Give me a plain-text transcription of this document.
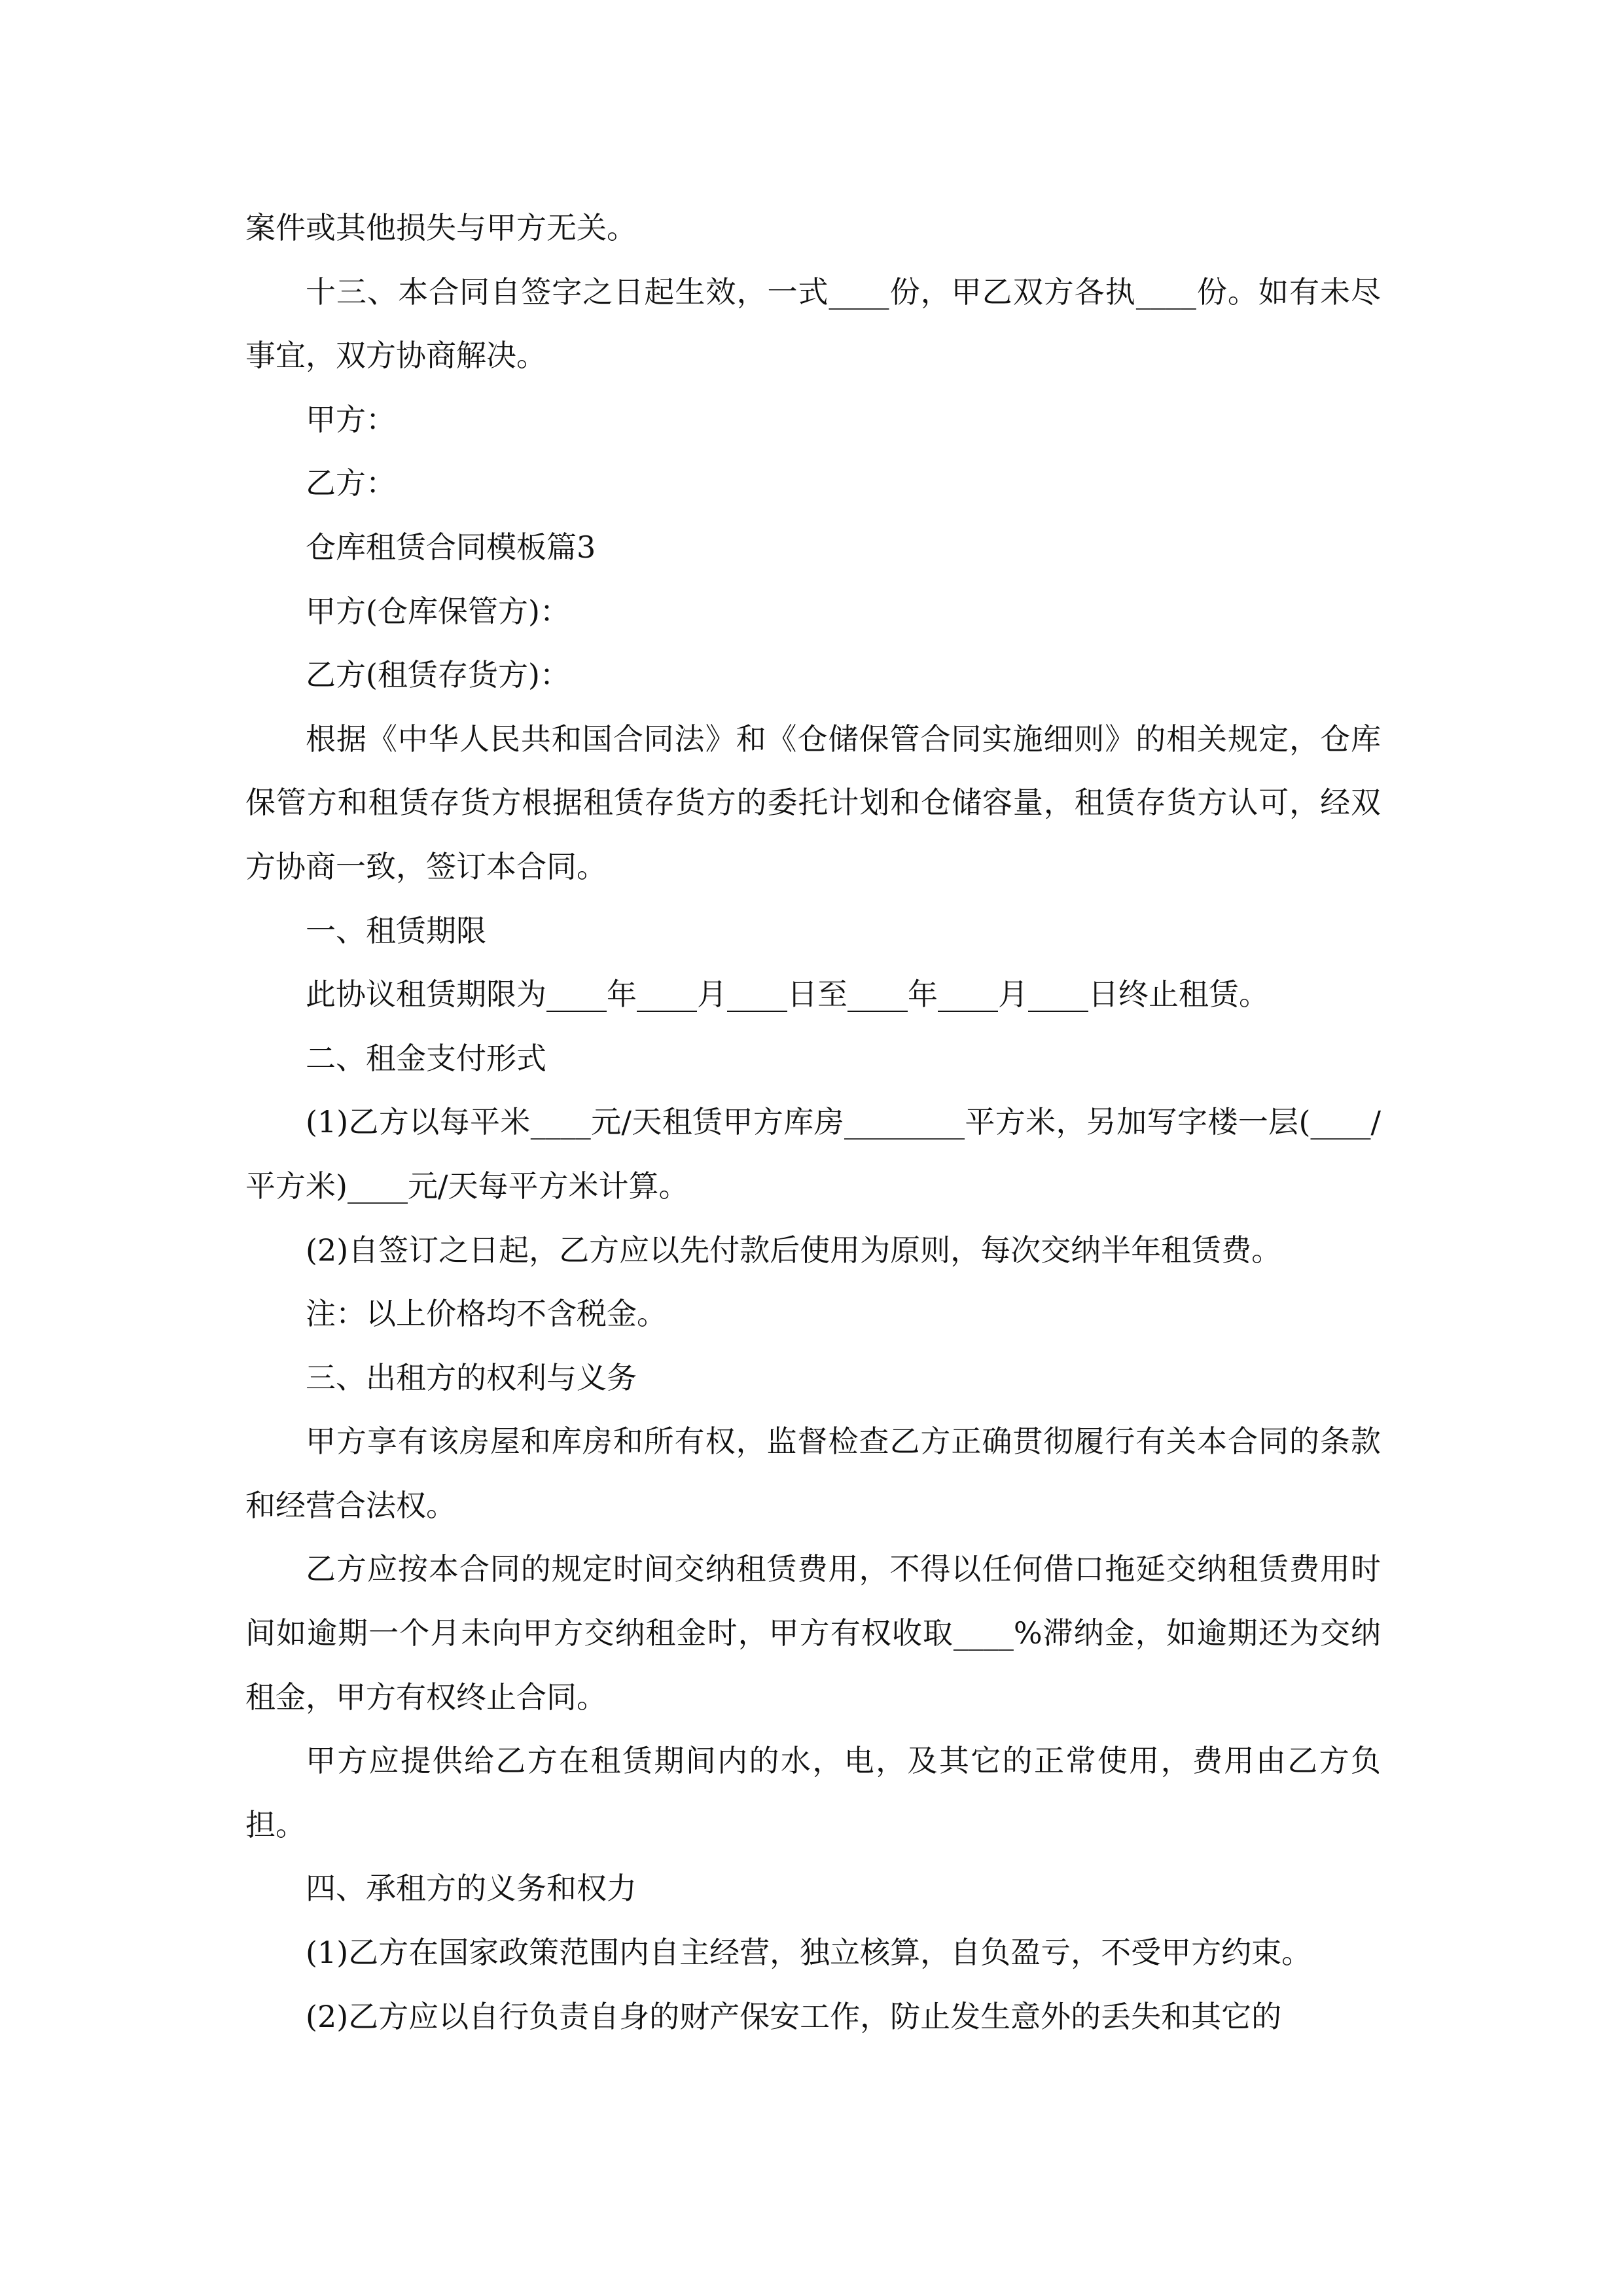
案件或其他损失与甲方无关。

十三、本合同自签字之日起生效，一式____份，甲乙双方各执____份。如有未尽事宜，双方协商解决。

甲方：

乙方：

仓库租赁合同模板篇3

甲方(仓库保管方)：

乙方(租赁存货方)：

根据《中华人民共和国合同法》和《仓储保管合同实施细则》的相关规定，仓库保管方和租赁存货方根据租赁存货方的委托计划和仓储容量，租赁存货方认可，经双方协商一致，签订本合同。

一、租赁期限

此协议租赁期限为____年____月____日至____年____月____日终止租赁。

二、租金支付形式

(1)乙方以每平米____元/天租赁甲方库房________平方米，另加写字楼一层(____/平方米)____元/天每平方米计算。

(2)自签订之日起，乙方应以先付款后使用为原则，每次交纳半年租赁费。

注：以上价格均不含税金。

三、出租方的权利与义务

甲方享有该房屋和库房和所有权，监督检查乙方正确贯彻履行有关本合同的条款和经营合法权。

乙方应按本合同的规定时间交纳租赁费用，不得以任何借口拖延交纳租赁费用时间如逾期一个月未向甲方交纳租金时，甲方有权收取____%滞纳金，如逾期还为交纳租金，甲方有权终止合同。

甲方应提供给乙方在租赁期间内的水，电，及其它的正常使用，费用由乙方负担。

四、承租方的义务和权力

(1)乙方在国家政策范围内自主经营，独立核算，自负盈亏，不受甲方约束。

(2)乙方应以自行负责自身的财产保安工作，防止发生意外的丢失和其它的
